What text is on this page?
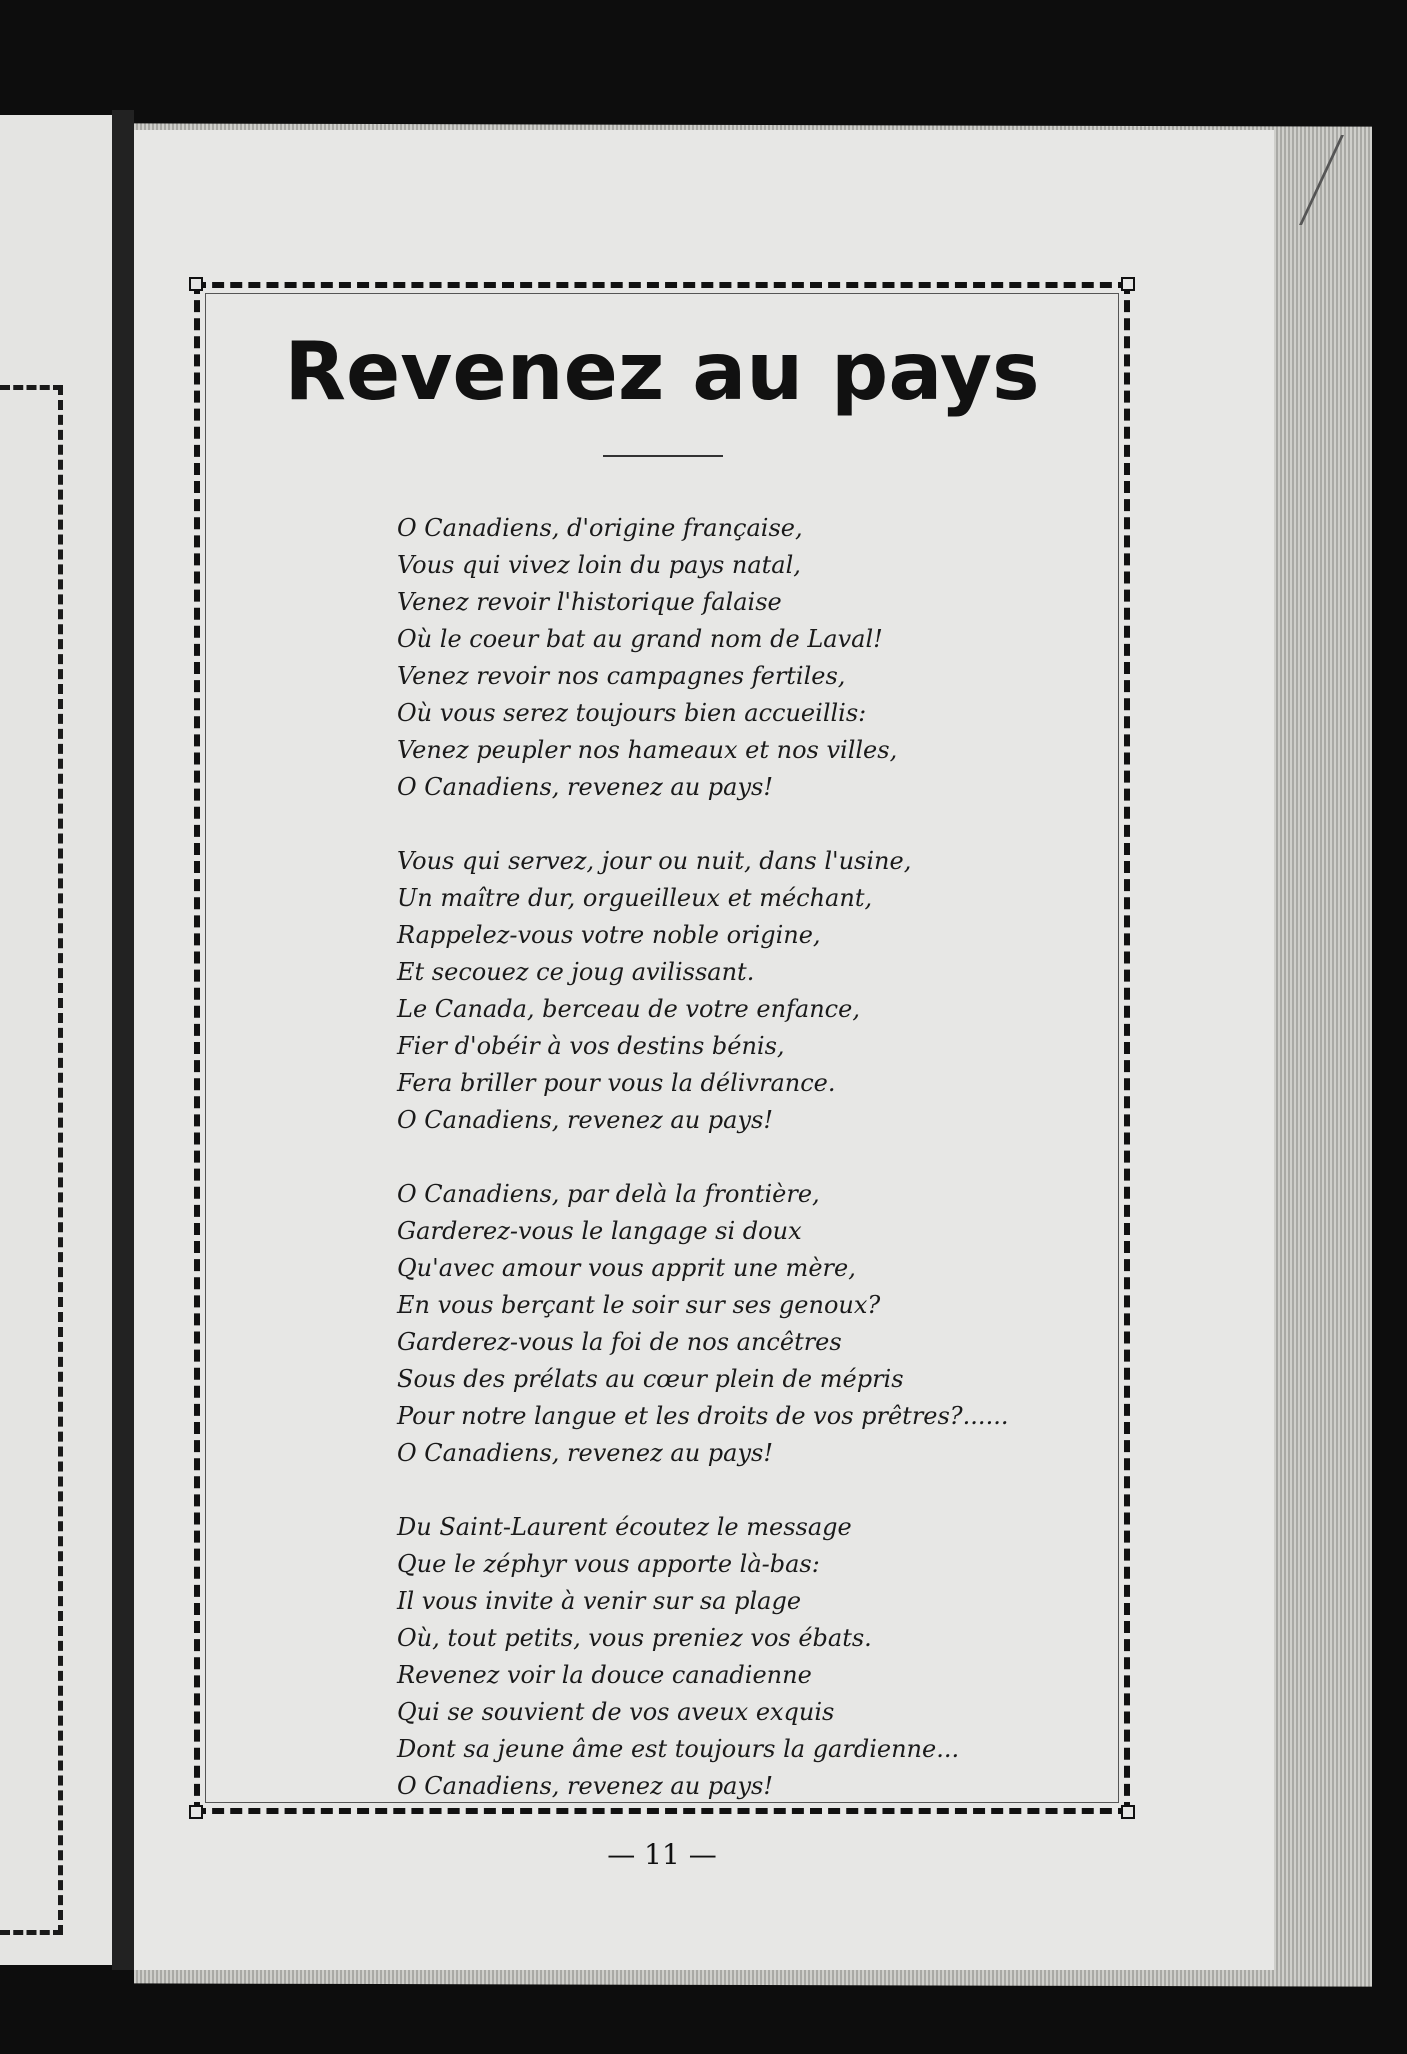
Revenez au pays
O Canadiens, d'origine française,
Vous qui vivez loin du pays natal,
Venez revoir l'historique falaise
Où le coeur bat au grand nom de Laval!
Venez revoir nos campagnes fertiles,
Où vous serez toujours bien accueillis:
Venez peupler nos hameaux et nos villes,
O Canadiens, revenez au pays!
Vous qui servez, jour ou nuit, dans l'usine,
Un maître dur, orgueilleux et méchant,
Rappelez-vous votre noble origine,
Et secouez ce joug avilissant.
Le Canada, berceau de votre enfance,
Fier d'obéir à vos destins bénis,
Fera briller pour vous la délivrance.
O Canadiens, revenez au pays!
O Canadiens, par delà la frontière,
Garderez-vous le langage si doux
Qu'avec amour vous apprit une mère,
En vous berçant le soir sur ses genoux?
Garderez-vous la foi de nos ancêtres
Sous des prélats au cœur plein de mépris
Pour notre langue et les droits de vos prêtres?......
O Canadiens, revenez au pays!
Du Saint-Laurent écoutez le message
Que le zéphyr vous apporte là-bas:
Il vous invite à venir sur sa plage
Où, tout petits, vous preniez vos ébats.
Revenez voir la douce canadienne
Qui se souvient de vos aveux exquis
Dont sa jeune âme est toujours la gardienne...
O Canadiens, revenez au pays!
— 11 —
